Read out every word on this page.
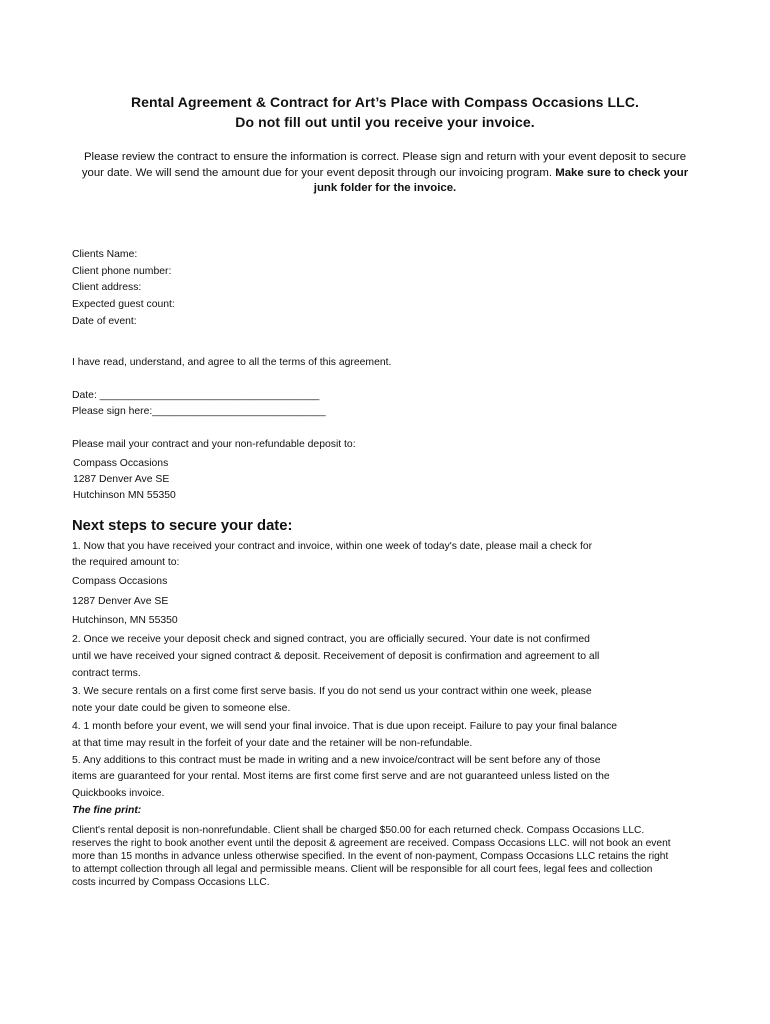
Rental Agreement & Contract for Art’s Place with Compass Occasions LLC.
Do not fill out until you receive your invoice.
Please review the contract to ensure the information is correct. Please sign and return with your event deposit to secure your date. We will send the amount due for your event deposit through our invoicing program. Make sure to check your junk folder for the invoice.
Clients Name:
Client phone number:
Client address:
Expected guest count:
Date of event:
I have read, understand, and agree to all the terms of this agreement.
Date: ______________________________________
Please sign here:______________________________
Please mail your contract and your non-refundable deposit to:
Compass Occasions
1287 Denver Ave SE
Hutchinson MN 55350
Next steps to secure your date:
1. Now that you have received your contract and invoice, within one week of today's date, please mail a check for
the required amount to:
Compass Occasions
1287 Denver Ave SE
Hutchinson, MN 55350
2. Once we receive your deposit check and signed contract, you are officially secured. Your date is not confirmed
until we have received your signed contract & deposit. Receivement of deposit is confirmation and agreement to all
contract terms.
3. We secure rentals on a first come first serve basis. If you do not send us your contract within one week, please
note your date could be given to someone else.
4. 1 month before your event, we will send your final invoice. That is due upon receipt. Failure to pay your final balance
at that time may result in the forfeit of your date and the retainer will be non-refundable.
5. Any additions to this contract must be made in writing and a new invoice/contract will be sent before any of those
items are guaranteed for your rental. Most items are first come first serve and are not guaranteed unless listed on the
Quickbooks invoice.
The fine print:
Client's rental deposit is non-nonrefundable. Client shall be charged $50.00 for each returned check. Compass Occasions LLC. reserves the right to book another event until the deposit & agreement are received. Compass Occasions LLC. will not book an event more than 15 months in advance unless otherwise specified. In the event of non-payment, Compass Occasions LLC retains the right to attempt collection through all legal and permissible means. Client will be responsible for all court fees, legal fees and collection costs incurred by Compass Occasions LLC.
